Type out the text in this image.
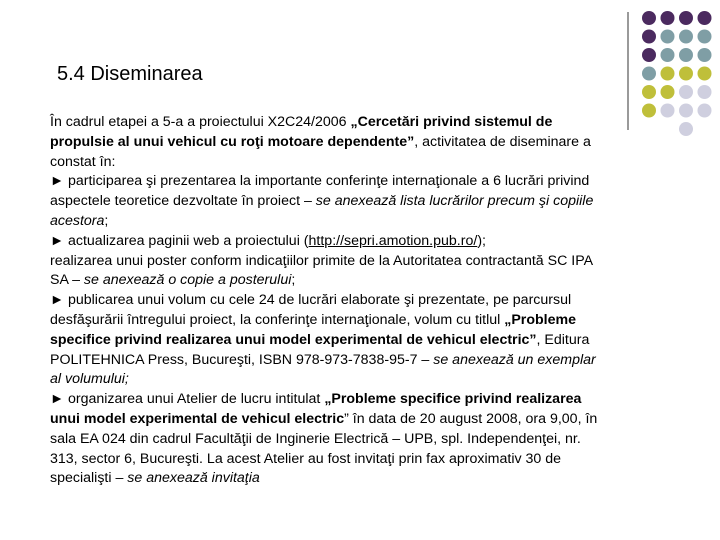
5.4 Diseminarea
În cadrul etapei a 5-a a proiectului X2C24/2006 „Cercetări privind sistemul de
propulsie al unui vehicul cu roţi motoare dependente”, activitatea de diseminare a
constat în:
► participarea şi prezentarea la importante conferinţe internaţionale a 6 lucrări privind
aspectele teoretice dezvoltate în proiect – se anexează lista lucrărilor precum şi copiile
acestora;
► actualizarea paginii web a proiectului (http://sepri.amotion.pub.ro/);
realizarea unui poster conform indicaţiilor primite de la Autoritatea contractantă SC IPA
SA – se anexează o copie a posterului;
► publicarea unui volum cu cele 24 de lucrări elaborate şi prezentate, pe parcursul
desfăşurării întregului proiect, la conferinţe internaţionale, volum cu titlul „Probleme
specifice privind realizarea unui model experimental de vehicul electric”, Editura
POLITEHNICA Press, Bucureşti, ISBN 978-973-7838-95-7 – se anexează un exemplar
al volumului;
► organizarea unui Atelier de lucru intitulat „Probleme specifice privind realizarea
unui model experimental de vehicul electric” în data de 20 august 2008, ora 9,00, în
sala EA 024 din cadrul Facultăţii de Inginerie Electrică – UPB, spl. Independenţei, nr.
313, sector 6, Bucureşti. La acest Atelier au fost invitaţi prin fax aproximativ 30 de
specialişti – se anexează invitaţia
